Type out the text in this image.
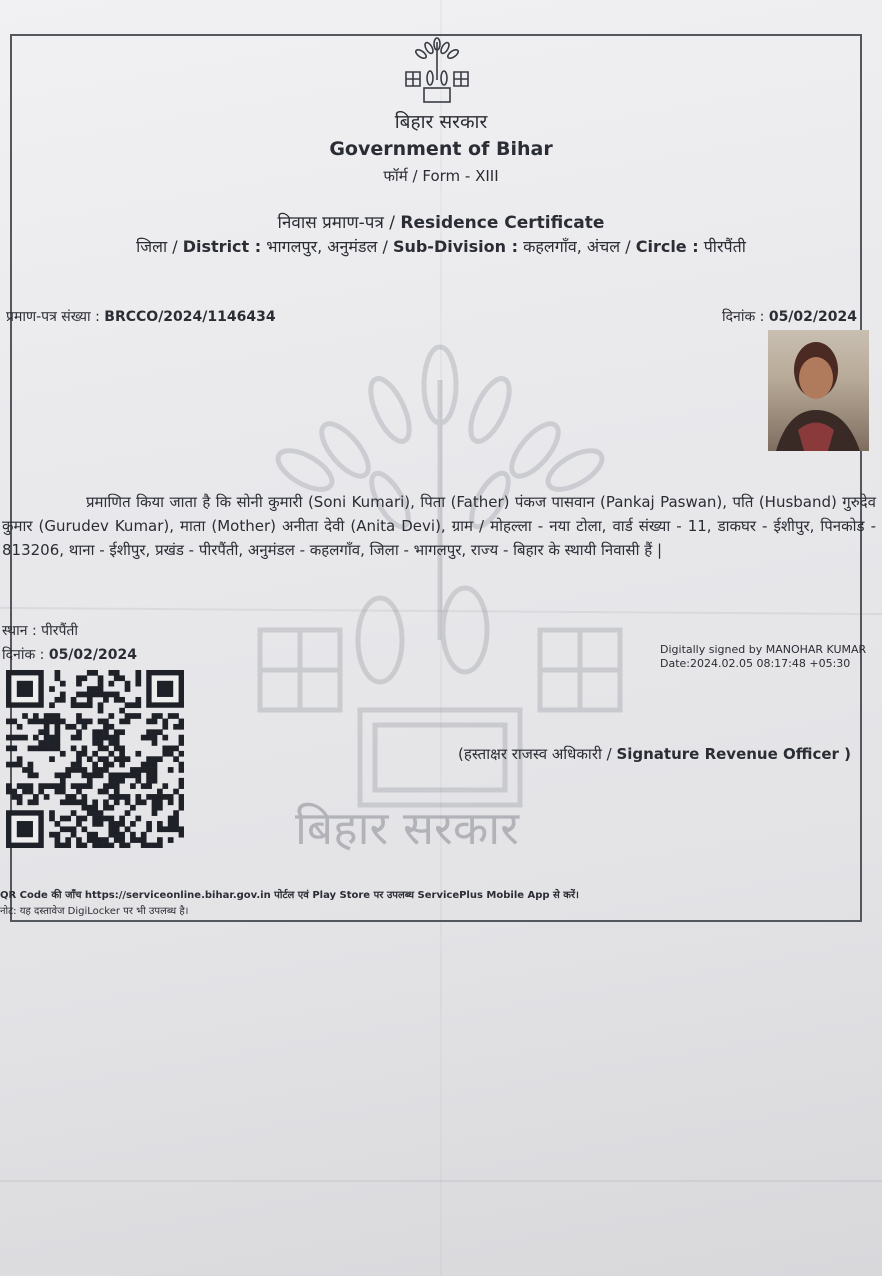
बिहार सरकार
बिहार सरकार
Government of Bihar
फॉर्म / Form - XIII
निवास प्रमाण-पत्र / Residence Certificate
जिला / District : भागलपुर, अनुमंडल / Sub-Division : कहलगाँव, अंचल / Circle : पीरपैंती
प्रमाण-पत्र संख्या : BRCCO/2024/1146434	दिनांक : 05/02/2024
प्रमाणित किया जाता है कि सोनी कुमारी (Soni Kumari), पिता (Father) पंकज पासवान (Pankaj Paswan), पति (Husband) गुरुदेव कुमार (Gurudev Kumar), माता (Mother) अनीता देवी (Anita Devi), ग्राम / मोहल्ला - नया टोला, वार्ड संख्या - 11, डाकघर - ईशीपुर, पिनकोड - 813206, थाना - ईशीपुर, प्रखंड - पीरपैंती, अनुमंडल - कहलगाँव, जिला - भागलपुर, राज्य - बिहार के स्थायी निवासी हैं |
स्थान : पीरपैंती
दिनांक : 05/02/2024	Digitally signed by MANOHAR KUMAR
Date:2024.02.05 08:17:48 +05:30
(हस्ताक्षर राजस्व अधिकारी / Signature Revenue Officer )
QR Code की जाँच https://serviceonline.bihar.gov.in पोर्टल एवं Play Store पर उपलब्ध ServicePlus Mobile App से करें।
नोट: यह दस्तावेज DigiLocker पर भी उपलब्ध है।
